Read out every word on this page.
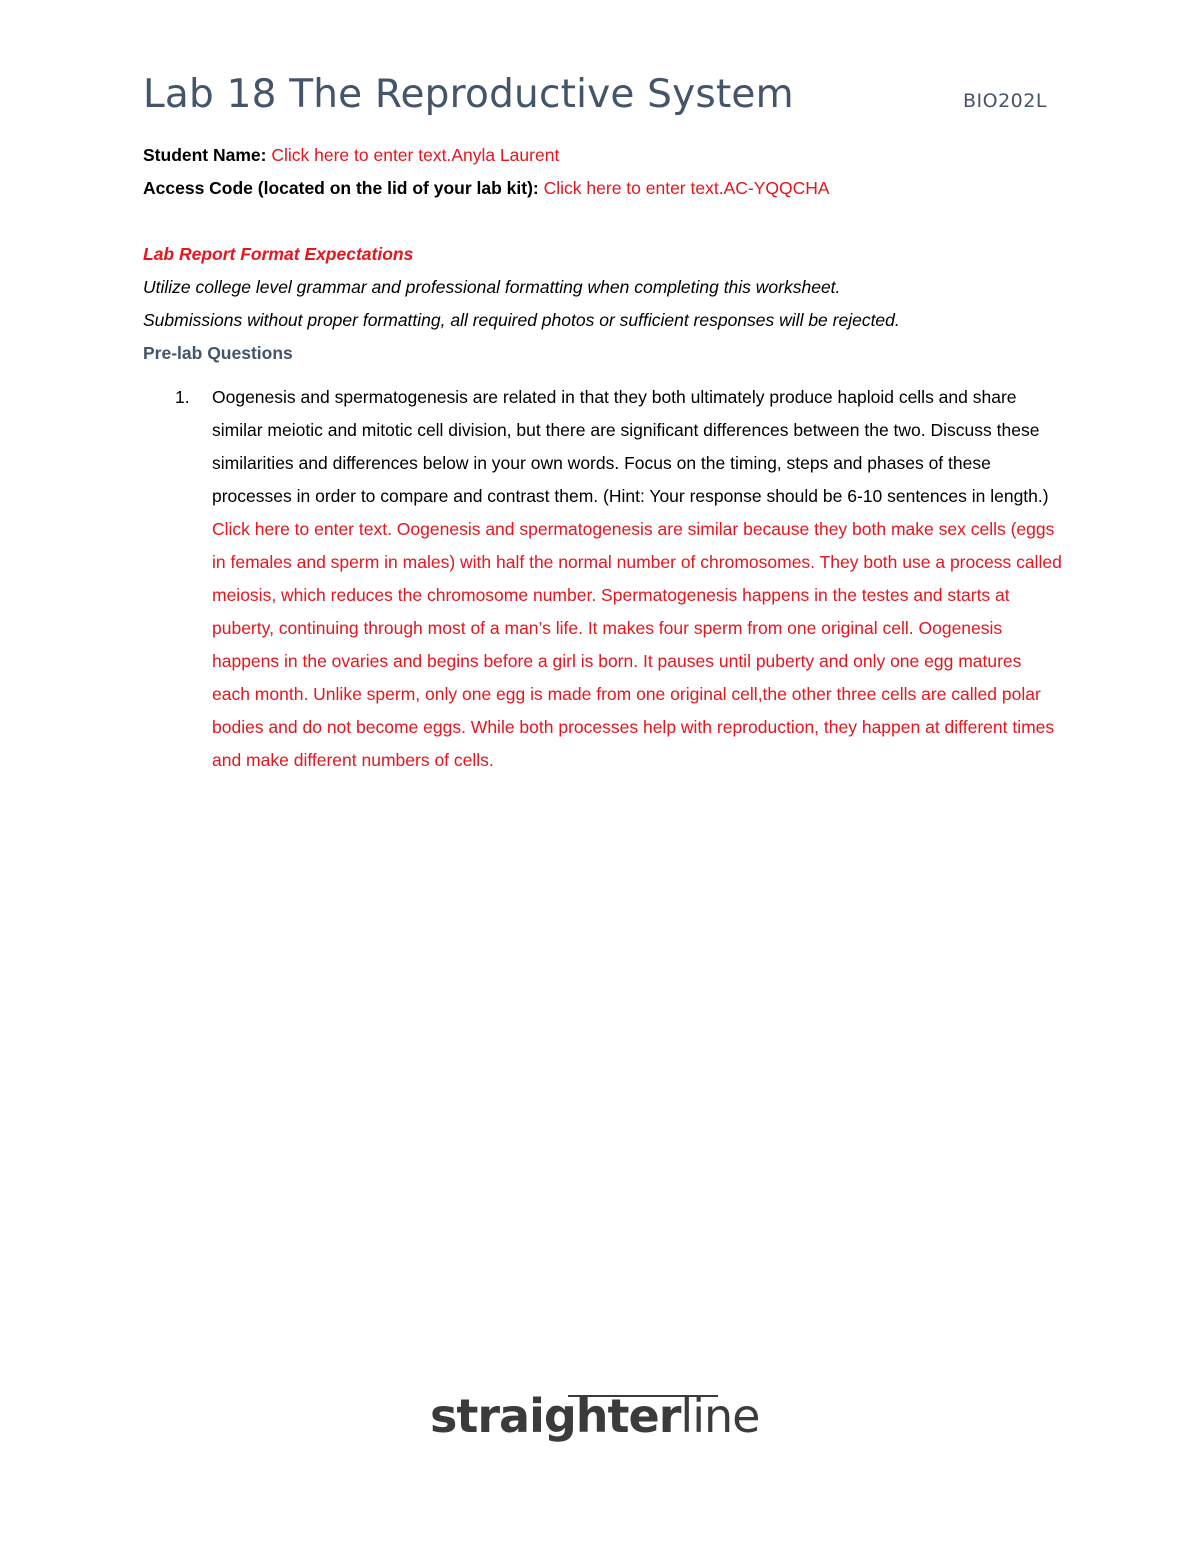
Lab 18 The Reproductive System	BIO202L
Student Name: Click here to enter text.Anyla Laurent
Access Code (located on the lid of your lab kit): Click here to enter text.AC-YQQCHA
Lab Report Format Expectations
Utilize college level grammar and professional formatting when completing this worksheet.
Submissions without proper formatting, all required photos or sufficient responses will be rejected.
Pre-lab Questions
1. Oogenesis and spermatogenesis are related in that they both ultimately produce haploid cells and share similar meiotic and mitotic cell division, but there are significant differences between the two. Discuss these similarities and differences below in your own words. Focus on the timing, steps and phases of these processes in order to compare and contrast them. (Hint: Your response should be 6-10 sentences in length.)

Click here to enter text. Oogenesis and spermatogenesis are similar because they both make sex cells (eggs in females and sperm in males) with half the normal number of chromosomes. They both use a process called meiosis, which reduces the chromosome number. Spermatogenesis happens in the testes and starts at puberty, continuing through most of a man’s life. It makes four sperm from one original cell. Oogenesis happens in the ovaries and begins before a girl is born. It pauses until puberty and only one egg matures each month. Unlike sperm, only one egg is made from one original cell,the other three cells are called polar bodies and do not become eggs. While both processes help with reproduction, they happen at different times and make different numbers of cells.

straighterline
